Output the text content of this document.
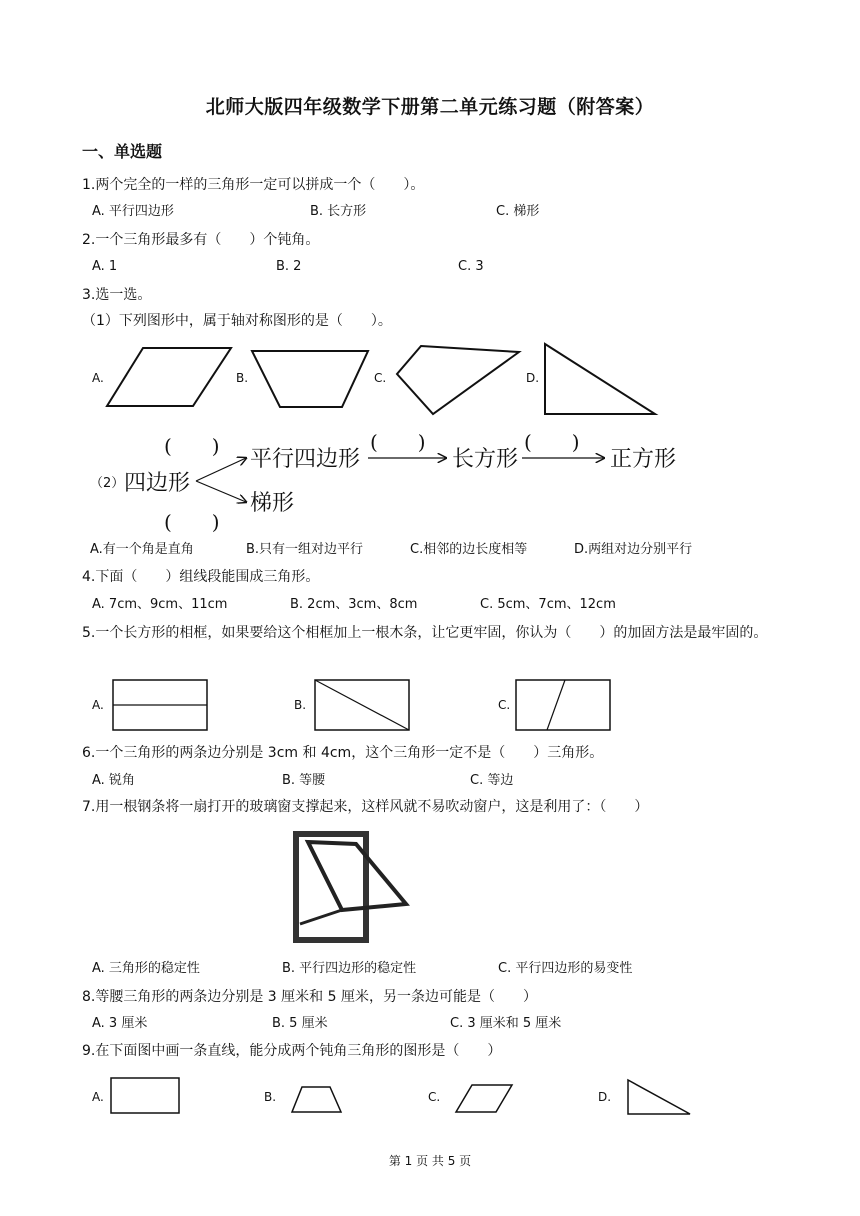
北师大版四年级数学下册第二单元练习题（附答案）
一、单选题
1.两个完全的一样的三角形一定可以拼成一个（　　）。
A. 平行四边形	B. 长方形	C. 梯形
2.一个三角形最多有（　　）个钝角。
A. 1	B. 2	C. 3
3.选一选。
（1）下列图形中，属于轴对称图形的是（　　）。
A.	B.	C.	D.
（2） 四边形
平行四边形	长方形	正方形
梯形
(　　)	(　　)	(　　)
(　　)
A.有一个角是直角	B.只有一组对边平行	C.相邻的边长度相等	D.两组对边分别平行
4.下面（　　）组线段能围成三角形。
A. 7cm、9cm、11cm	B. 2cm、3cm、8cm	C. 5cm、7cm、12cm
5.一个长方形的相框，如果要给这个相框加上一根木条，让它更牢固，你认为（　　）的加固方法是最牢固的。
A.	B.	C.
6.一个三角形的两条边分别是 3cm 和 4cm，这个三角形一定不是（　　）三角形。
A. 锐角	B. 等腰	C. 等边
7.用一根钢条将一扇打开的玻璃窗支撑起来，这样风就不易吹动窗户，这是利用了：（　　）
A. 三角形的稳定性	B. 平行四边形的稳定性	C. 平行四边形的易变性
8.等腰三角形的两条边分别是 3 厘米和 5 厘米，另一条边可能是（　　）
A. 3 厘米	B. 5 厘米	C. 3 厘米和 5 厘米
9.在下面图中画一条直线，能分成两个钝角三角形的图形是（　　）
A.	B.	C.	D.
第 1 页 共 5 页
